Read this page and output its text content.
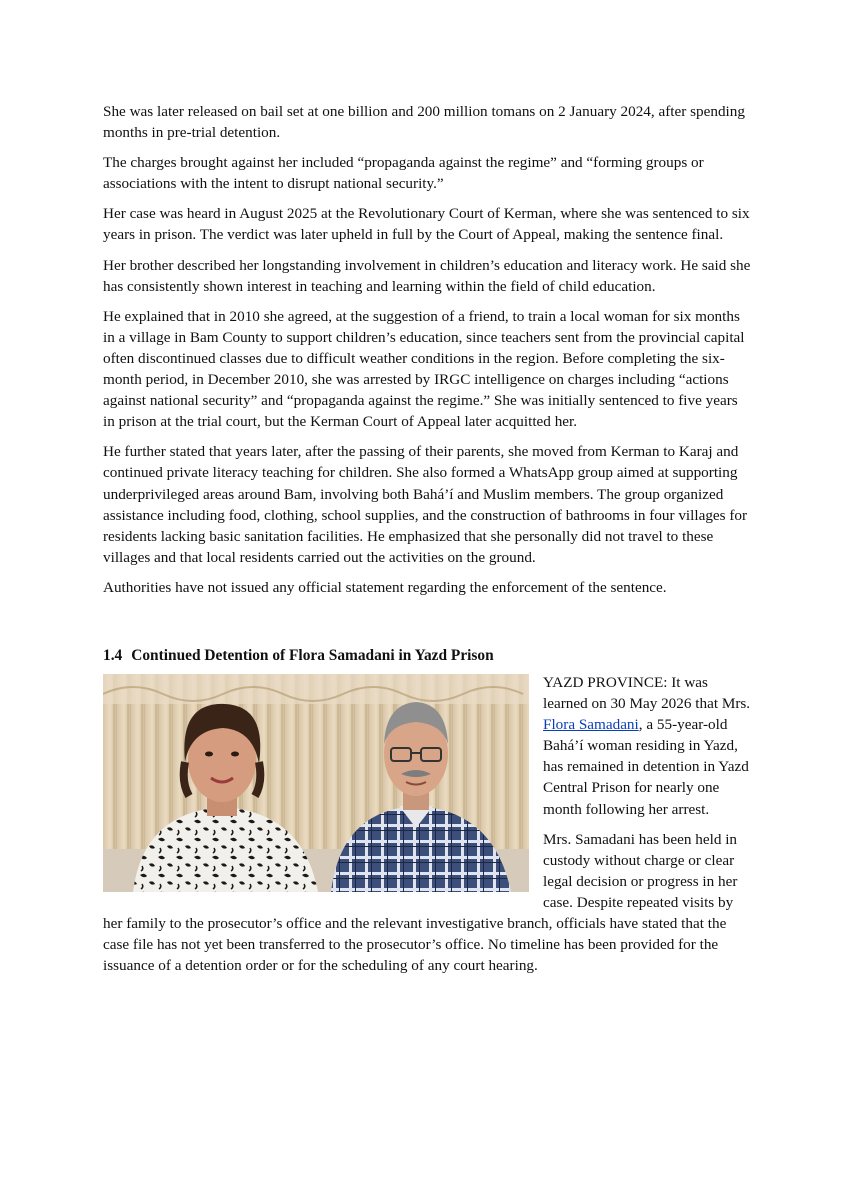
She was later released on bail set at one billion and 200 million tomans on 2 January 2024, after spending months in pre-trial detention.

The charges brought against her included “propaganda against the regime” and “forming groups or associations with the intent to disrupt national security.”

Her case was heard in August 2025 at the Revolutionary Court of Kerman, where she was sentenced to six years in prison. The verdict was later upheld in full by the Court of Appeal, making the sentence final.

Her brother described her longstanding involvement in children’s education and literacy work. He said she has consistently shown interest in teaching and learning within the field of child education.

He explained that in 2010 she agreed, at the suggestion of a friend, to train a local woman for six months in a village in Bam County to support children’s education, since teachers sent from the provincial capital often discontinued classes due to difficult weather conditions in the region. Before completing the six-month period, in December 2010, she was arrested by IRGC intelligence on charges including “actions against national security” and “propaganda against the regime.” She was initially sentenced to five years in prison at the trial court, but the Kerman Court of Appeal later acquitted her.

He further stated that years later, after the passing of their parents, she moved from Kerman to Karaj and continued private literacy teaching for children. She also formed a WhatsApp group aimed at supporting underprivileged areas around Bam, involving both Bahá’í and Muslim members. The group organized assistance including food, clothing, school supplies, and the construction of bathrooms in four villages for residents lacking basic sanitation facilities. He emphasized that she personally did not travel to these villages and that local residents carried out the activities on the ground.

Authorities have not issued any official statement regarding the enforcement of the sentence.

1.4 Continued Detention of Flora Samadani in Yazd Prison

YAZD PROVINCE: It was learned on 30 May 2026 that Mrs. Flora Samadani, a 55-year-old Bahá’í woman residing in Yazd, has remained in detention in Yazd Central Prison for nearly one month following her arrest.

Mrs. Samadani has been held in custody without charge or clear legal decision or progress in her case. Despite repeated visits by her family to the prosecutor’s office and the relevant investigative branch, officials have stated that the case file has not yet been transferred to the prosecutor’s office. No timeline has been provided for the issuance of a detention order or for the scheduling of any court hearing.
